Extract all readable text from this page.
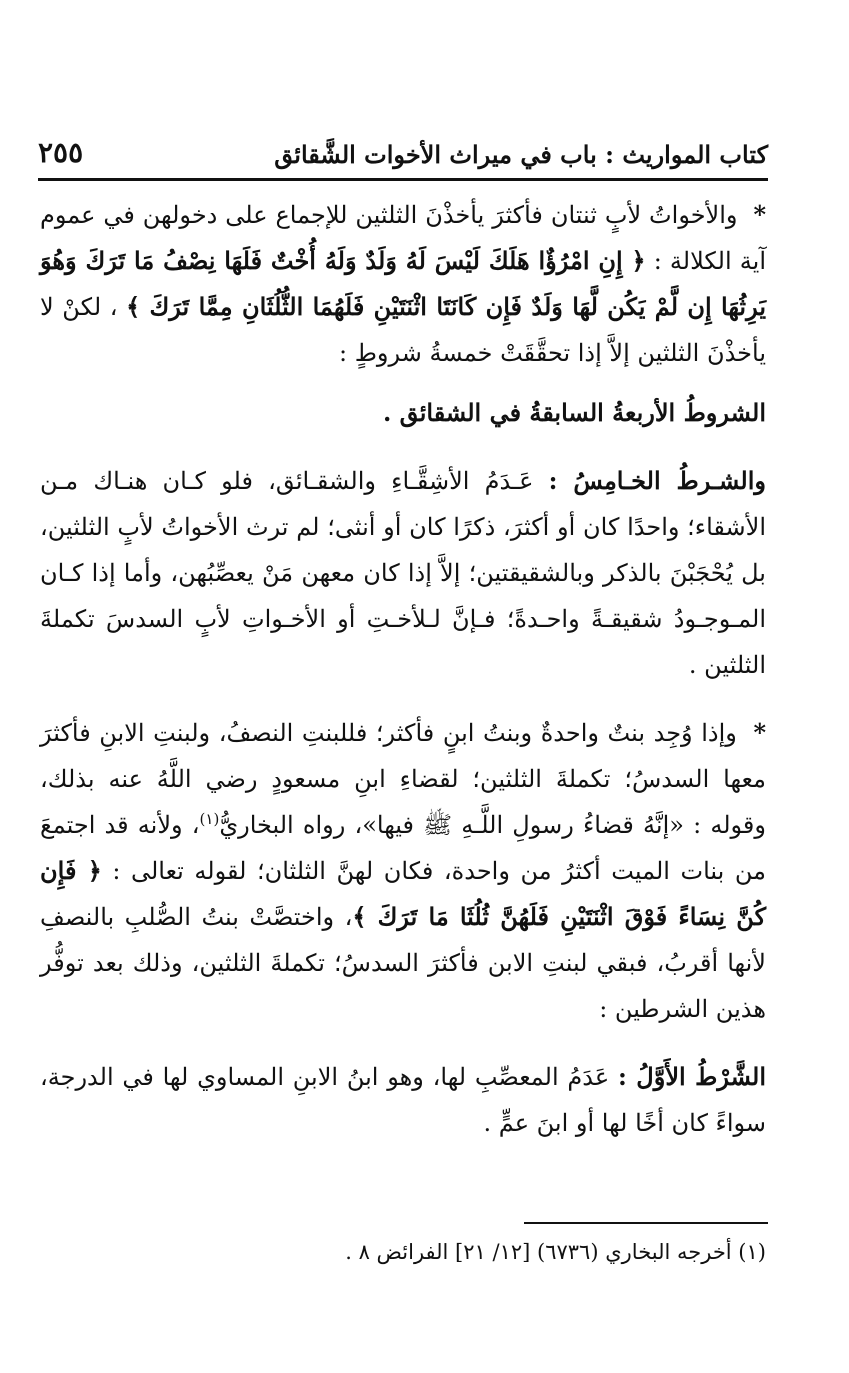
كتاب المواريث : باب في ميراث الأخوات الشَّقائق
٢٥٥

* والأخواتُ لأبٍ ثنتان فأكثرَ يأخذْنَ الثلثين للإجماع على دخولهن في عموم آية الكلالة : ﴿ إِنِ امْرُؤٌا هَلَكَ لَيْسَ لَهُ وَلَدٌ وَلَهُ أُخْتٌ فَلَهَا نِصْفُ مَا تَرَكَ وَهُوَ يَرِثُهَا إِن لَّمْ يَكُن لَّهَا وَلَدٌ فَإِن كَانَتَا اثْنَتَيْنِ فَلَهُمَا الثُّلُثَانِ مِمَّا تَرَكَ ﴾ ، لكنْ لا يأخذْنَ الثلثين إلاَّ إذا تحقَّقَتْ خمسةُ شروطٍ :

الشروطُ الأربعةُ السابقةُ في الشقائق .

والشـرطُ الخـامِسُ : عَـدَمُ الأشِقَّـاءِ والشقـائق، فلو كـان هنـاك مـن الأشقاء؛ واحدًا كان أو أكثرَ، ذكرًا كان أو أنثى؛ لم ترث الأخواتُ لأبٍ الثلثين، بل يُحْجَبْنَ بالذكر وبالشقيقتين؛ إلاَّ إذا كان معهن مَنْ يعصِّبُهن، وأما إذا كـان المـوجـودُ شقيقـةً واحـدةً؛ فـإنَّ لـلأخـتِ أو الأخـواتِ لأبٍ السدسَ تكملةَ الثلثين .

* وإذا وُجِد بنتٌ واحدةٌ وبنتُ ابنٍ فأكثر؛ فللبنتِ النصفُ، ولبنتِ الابنِ فأكثرَ معها السدسُ؛ تكملةَ الثلثين؛ لقضاءِ ابنِ مسعودٍ رضي اللَّهُ عنه بذلك، وقوله : «إنَّهُ قضاءُ رسولِ اللَّـهِ ﷺ فيها»، رواه البخاريُّ$^{(١)}$، ولأنه قد اجتمعَ من بنات الميت أكثرُ من واحدة، فكان لهنَّ الثلثان؛ لقوله تعالى : ﴿ فَإِن كُنَّ نِسَاءً فَوْقَ اثْنَتَيْنِ فَلَهُنَّ ثُلُثَا مَا تَرَكَ ﴾، واختصَّتْ بنتُ الصُّلبِ بالنصفِ لأنها أقربُ، فبقي لبنتِ الابن فأكثرَ السدسُ؛ تكملةَ الثلثين، وذلك بعد توفُّر هذين الشرطين :

الشَّرْطُ الأَوَّلُ : عَدَمُ المعصِّبِ لها، وهو ابنُ الابنِ المساوي لها في الدرجة، سواءً كان أخًا لها أو ابنَ عمٍّ .

(١) أخرجه البخاري (٦٧٣٦) [١٢/ ٢١] الفرائض ٨ .
